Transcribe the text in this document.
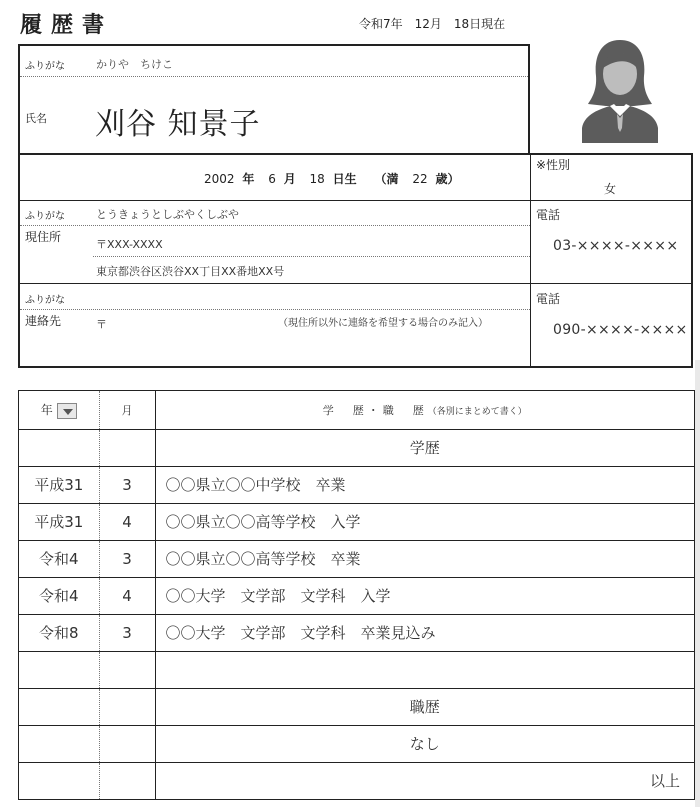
履歴書	令和7年　12月　18日現在
ふりがな	かりや　ちけこ
氏名 刈谷 知景子
2002 年 6 月 18 日生 （満 22 歳）
※性別
女
ふりがな	とうきょうとしぶやくしぶや
現住所
〒XXX-XXXX
東京都渋谷区渋谷XX丁目XX番地XX号
電話
03-××××-××××
ふりがな
連絡先	〒	（現住所以外に連絡を希望する場合のみ記入）
電話
090-××××-××××
年	月	学　歴・職　歴（各別にまとめて書く）
		学歴
平成31	3	〇〇県立〇〇中学校　卒業
平成31	4	〇〇県立〇〇高等学校　入学
令和4	3	〇〇県立〇〇高等学校　卒業
令和4	4	〇〇大学　文学部　文学科　入学
令和8	3	〇〇大学　文学部　文学科　卒業見込み

		職歴
		なし
		以上
